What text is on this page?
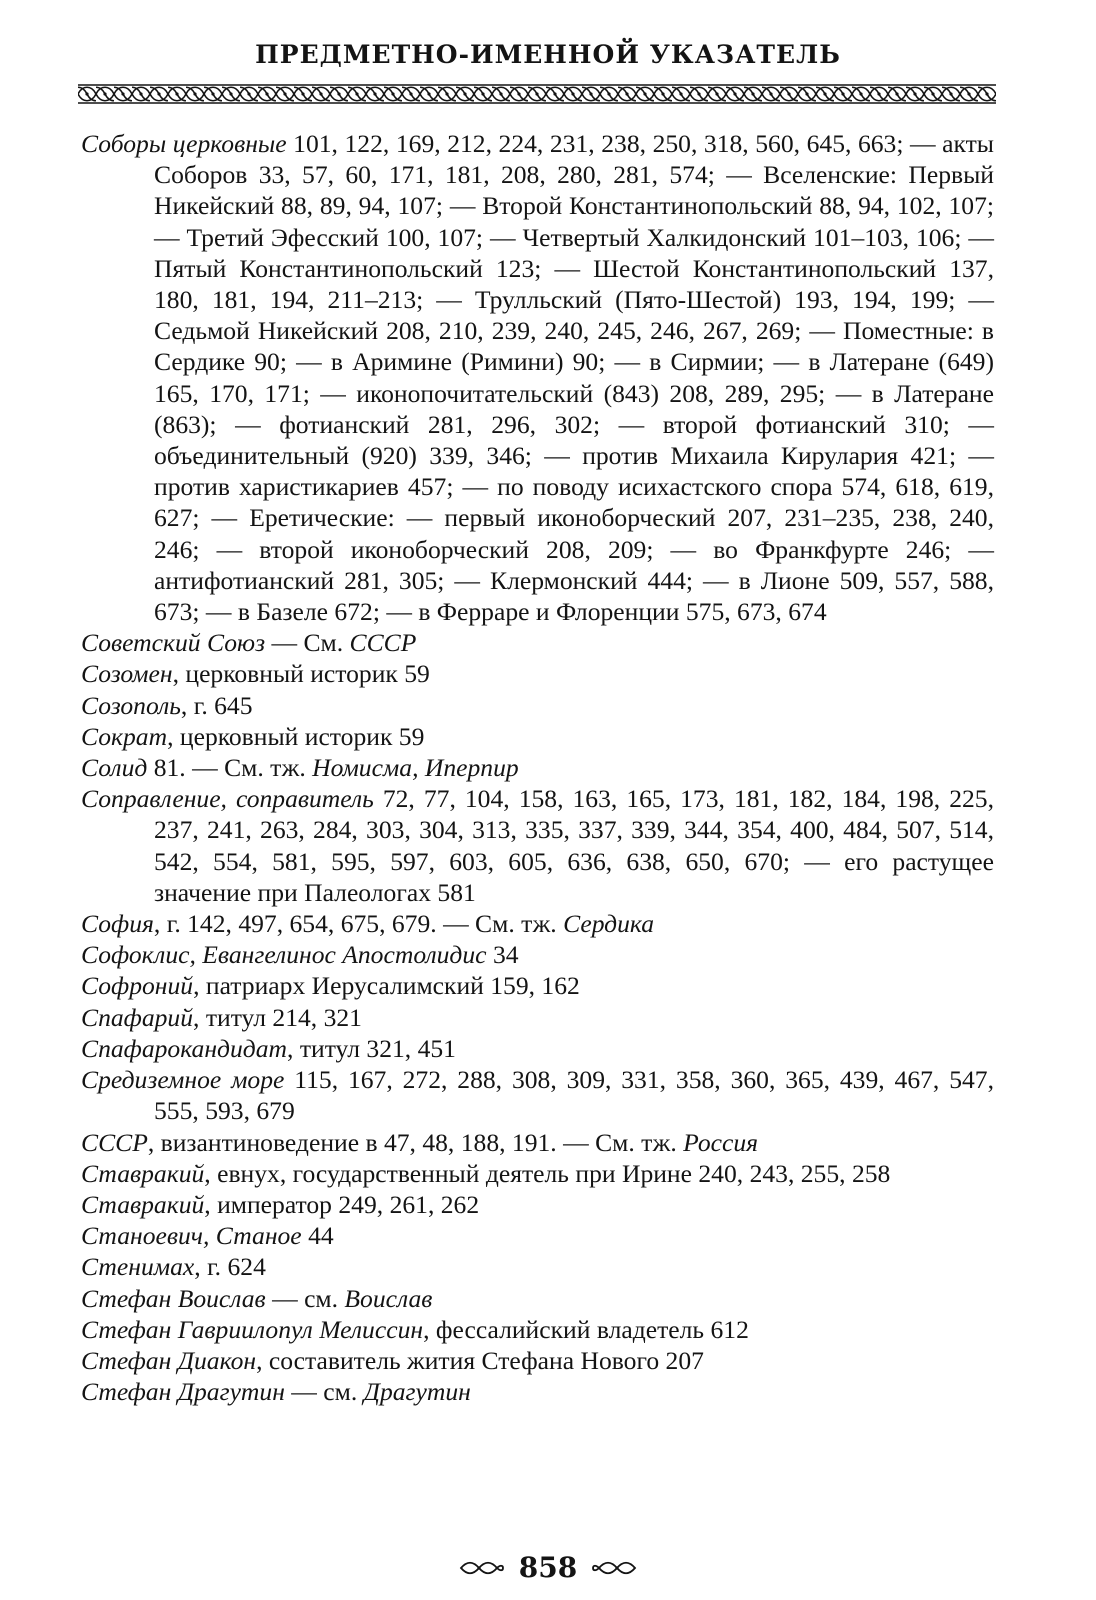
ПРЕДМЕТНО-ИМЕННОЙ УКАЗАТЕЛЬ

Соборы церковные 101, 122, 169, 212, 224, 231, 238, 250, 318, 560, 645, 663; — акты Соборов 33, 57, 60, 171, 181, 208, 280, 281, 574; — Вселенские: Первый Никейский 88, 89, 94, 107; — Второй Константинопольский 88, 94, 102, 107; — Третий Эфесский 100, 107; — Четвертый Халкидонский 101–103, 106; — Пятый Константинопольский 123; — Шестой Константинопольский 137, 180, 181, 194, 211–213; — Трулльский (Пято-Шестой) 193, 194, 199; — Седьмой Никейский 208, 210, 239, 240, 245, 246, 267, 269; — Поместные: в Сердике 90; — в Аримине (Римини) 90; — в Сирмии; — в Латеране (649) 165, 170, 171; — иконопочитательский (843) 208, 289, 295; — в Латеране (863); — фотианский 281, 296, 302; — второй фотианский 310; — объединительный (920) 339, 346; — против Михаила Кирулария 421; — против харистикариев 457; — по поводу исихастского спора 574, 618, 619, 627; — Еретические: — первый иконоборческий 207, 231–235, 238, 240, 246; — второй иконоборческий 208, 209; — во Франкфурте 246; — антифотианский 281, 305; — Клермонский 444; — в Лионе 509, 557, 588, 673; — в Базеле 672; — в Ферраре и Флоренции 575, 673, 674

Советский Союз — См. СССР

Созомен, церковный историк 59

Созополь, г. 645

Сократ, церковный историк 59

Солид 81. — См. тж. Номисма, Иперпир

Соправление, соправитель 72, 77, 104, 158, 163, 165, 173, 181, 182, 184, 198, 225, 237, 241, 263, 284, 303, 304, 313, 335, 337, 339, 344, 354, 400, 484, 507, 514, 542, 554, 581, 595, 597, 603, 605, 636, 638, 650, 670; — его растущее значение при Палеологах 581

София, г. 142, 497, 654, 675, 679. — См. тж. Сердика

Софоклис, Евангелинос Апостолидис 34

Софроний, патриарх Иерусалимский 159, 162

Спафарий, титул 214, 321

Спафарокандидат, титул 321, 451

Средиземное море 115, 167, 272, 288, 308, 309, 331, 358, 360, 365, 439, 467, 547, 555, 593, 679

СССР, византиноведение в 47, 48, 188, 191. — См. тж. Россия

Ставракий, евнух, государственный деятель при Ирине 240, 243, 255, 258

Ставракий, император 249, 261, 262

Станоевич, Станое 44

Стенимах, г. 624

Стефан Воислав — см. Воислав

Стефан Гавриилопул Мелиссин, фессалийский владетель 612

Стефан Диакон, составитель жития Стефана Нового 207

Стефан Драгутин — см. Драгутин

858
